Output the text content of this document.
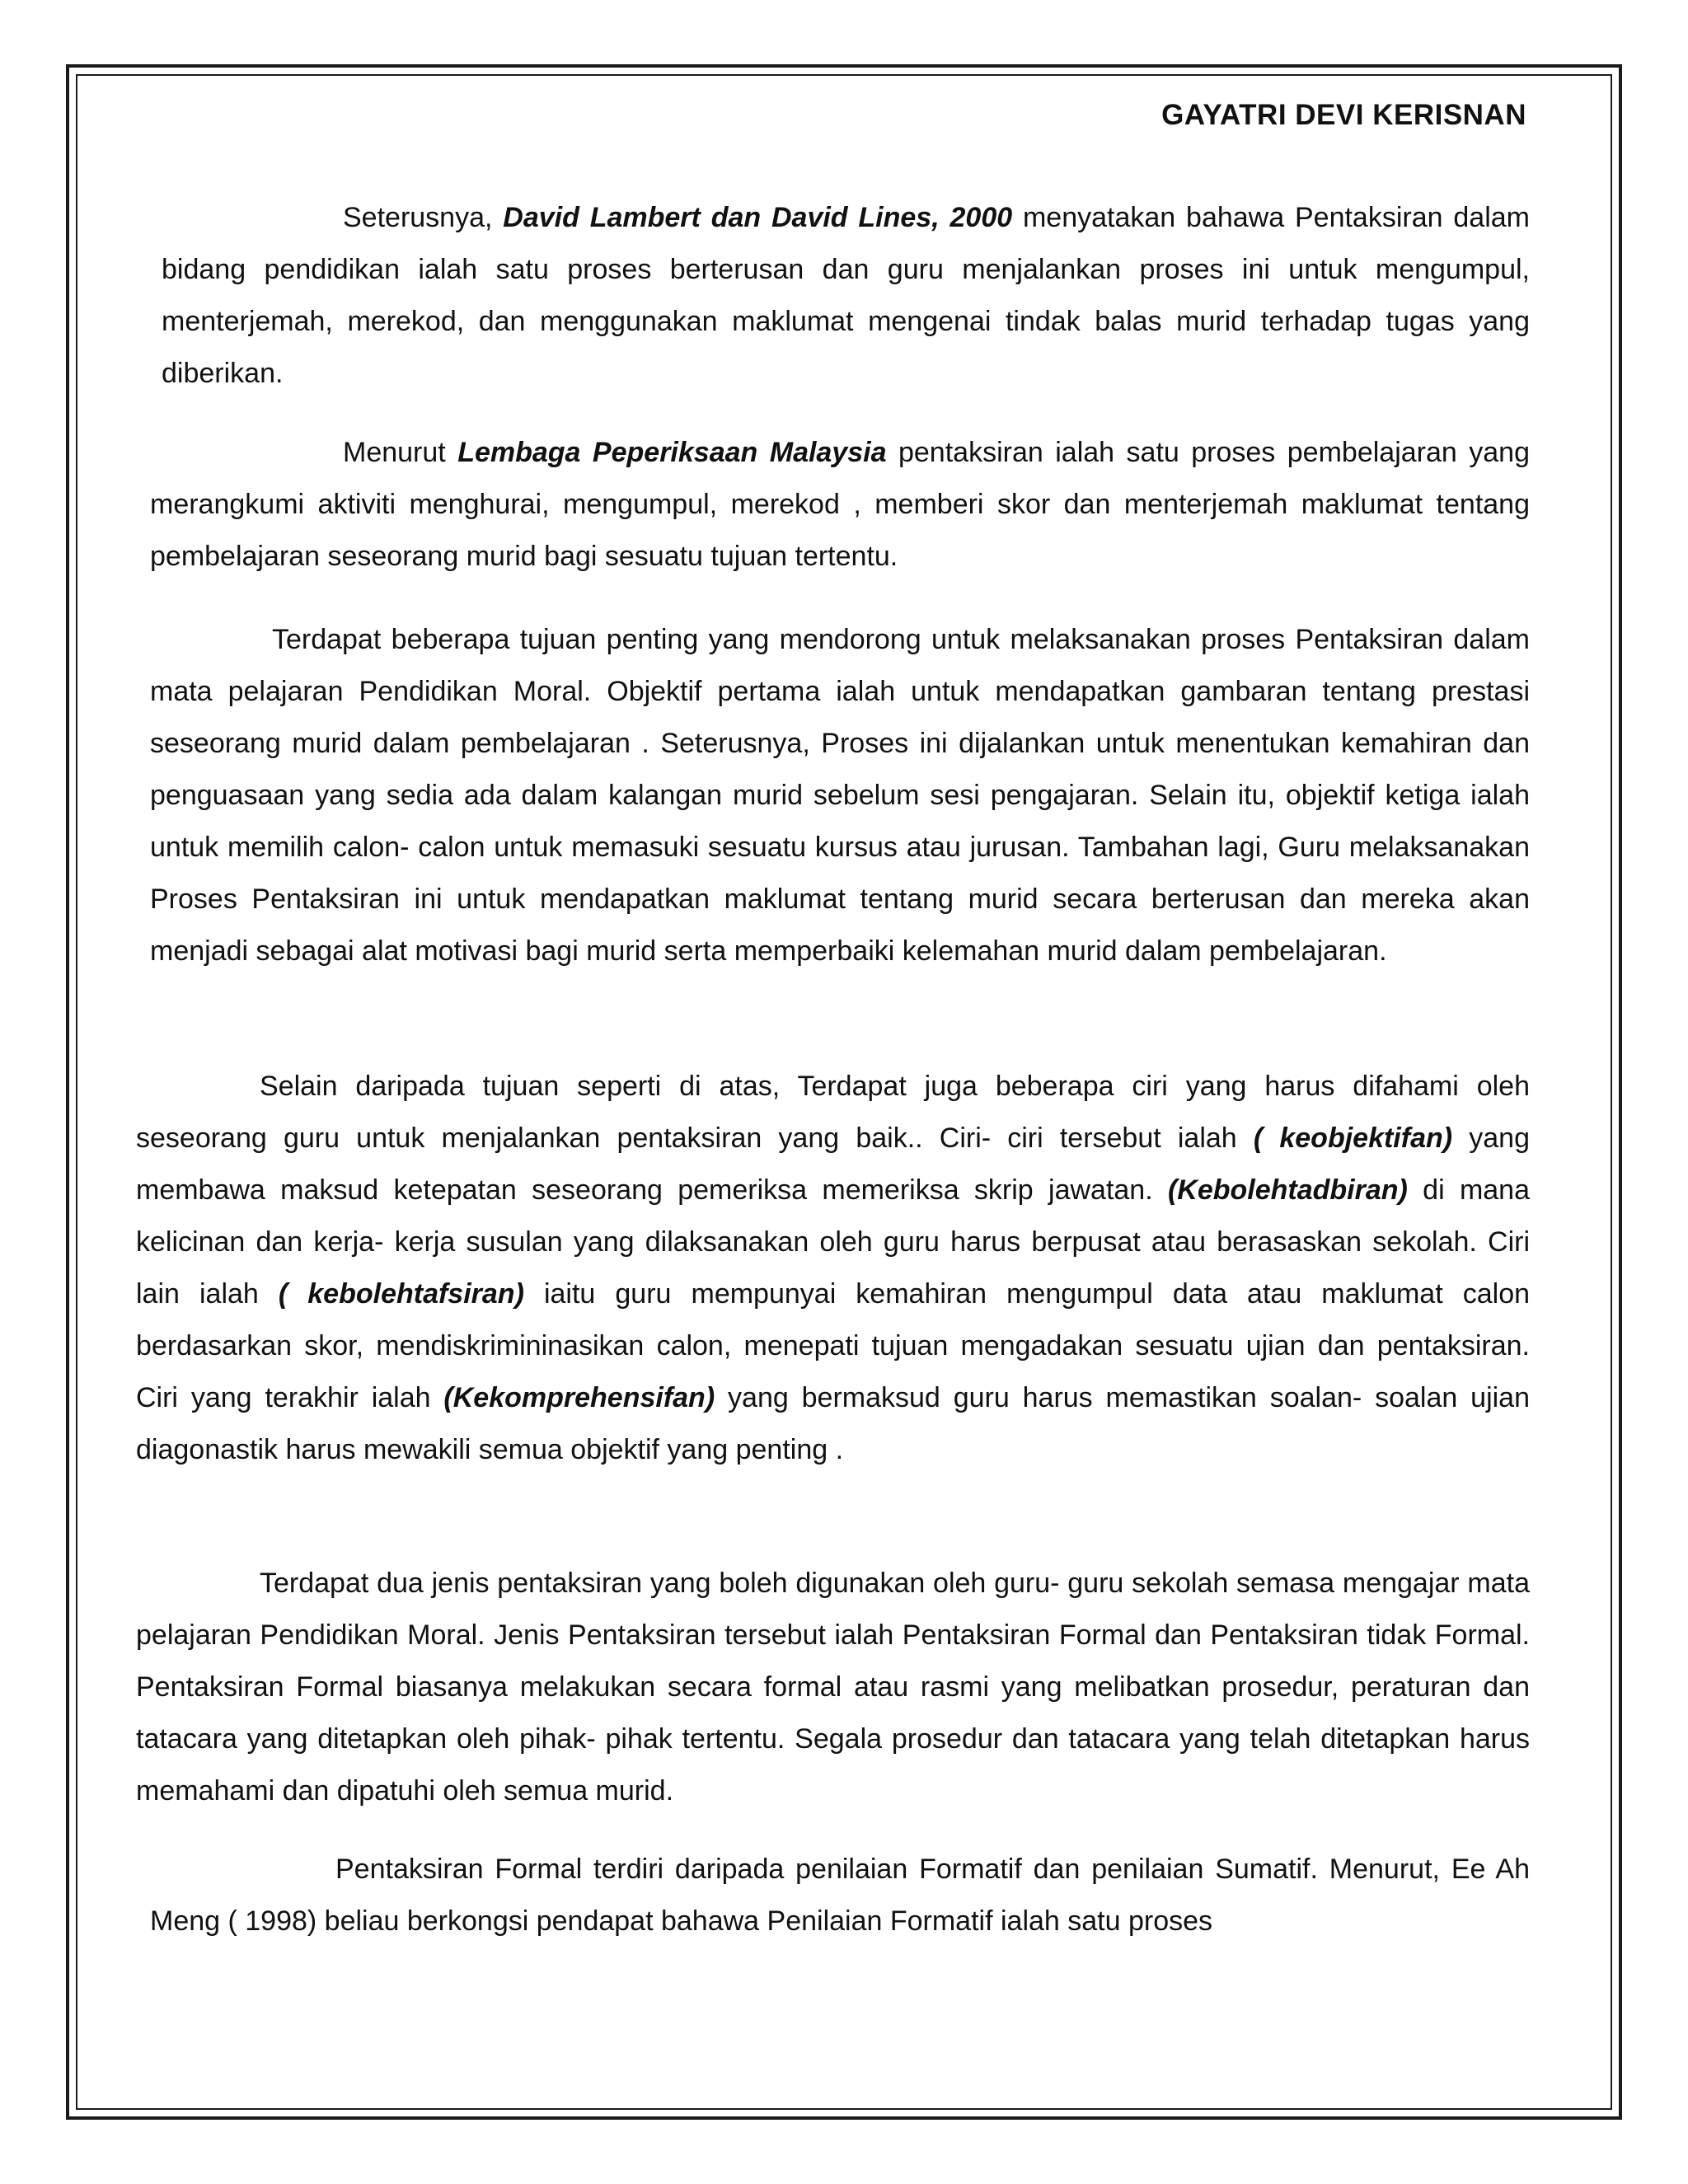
GAYATRI DEVI KERISNAN

Seterusnya, David Lambert dan David Lines, 2000 menyatakan bahawa Pentaksiran dalam bidang pendidikan ialah satu proses berterusan dan guru menjalankan proses ini untuk mengumpul, menterjemah, merekod, dan menggunakan maklumat mengenai tindak balas murid terhadap tugas yang diberikan.

Menurut Lembaga Peperiksaan Malaysia pentaksiran ialah satu proses pembelajaran yang merangkumi aktiviti menghurai, mengumpul, merekod , memberi skor dan menterjemah maklumat tentang pembelajaran seseorang murid bagi sesuatu tujuan tertentu.

Terdapat beberapa tujuan penting yang mendorong untuk melaksanakan proses Pentaksiran dalam mata pelajaran Pendidikan Moral. Objektif pertama ialah untuk mendapatkan gambaran tentang prestasi seseorang murid dalam pembelajaran . Seterusnya, Proses ini dijalankan untuk menentukan kemahiran dan penguasaan yang sedia ada dalam kalangan murid sebelum sesi pengajaran. Selain itu, objektif ketiga ialah untuk memilih calon- calon untuk memasuki sesuatu kursus atau jurusan. Tambahan lagi, Guru melaksanakan Proses Pentaksiran ini untuk mendapatkan maklumat tentang murid secara berterusan dan mereka akan menjadi sebagai alat motivasi bagi murid serta memperbaiki kelemahan murid dalam pembelajaran.

Selain daripada tujuan seperti di atas, Terdapat juga beberapa ciri yang harus difahami oleh seseorang guru untuk menjalankan pentaksiran yang baik.. Ciri- ciri tersebut ialah ( keobjektifan) yang membawa maksud ketepatan seseorang pemeriksa memeriksa skrip jawatan. (Kebolehtadbiran) di mana kelicinan dan kerja- kerja susulan yang dilaksanakan oleh guru harus berpusat atau berasaskan sekolah. Ciri lain ialah ( kebolehtafsiran) iaitu guru mempunyai kemahiran mengumpul data atau maklumat calon berdasarkan skor, mendiskrimininasikan calon, menepati tujuan mengadakan sesuatu ujian dan pentaksiran. Ciri yang terakhir ialah (Kekomprehensifan) yang bermaksud guru harus memastikan soalan- soalan ujian diagonastik harus mewakili semua objektif yang penting .

Terdapat dua jenis pentaksiran yang boleh digunakan oleh guru- guru sekolah semasa mengajar mata pelajaran Pendidikan Moral. Jenis Pentaksiran tersebut ialah Pentaksiran Formal dan Pentaksiran tidak Formal. Pentaksiran Formal biasanya melakukan secara formal atau rasmi yang melibatkan prosedur, peraturan dan tatacara yang ditetapkan oleh pihak- pihak tertentu. Segala prosedur dan tatacara yang telah ditetapkan harus memahami dan dipatuhi oleh semua murid.

Pentaksiran Formal terdiri daripada penilaian Formatif dan penilaian Sumatif. Menurut, Ee Ah Meng ( 1998) beliau berkongsi pendapat bahawa Penilaian Formatif ialah satu proses
